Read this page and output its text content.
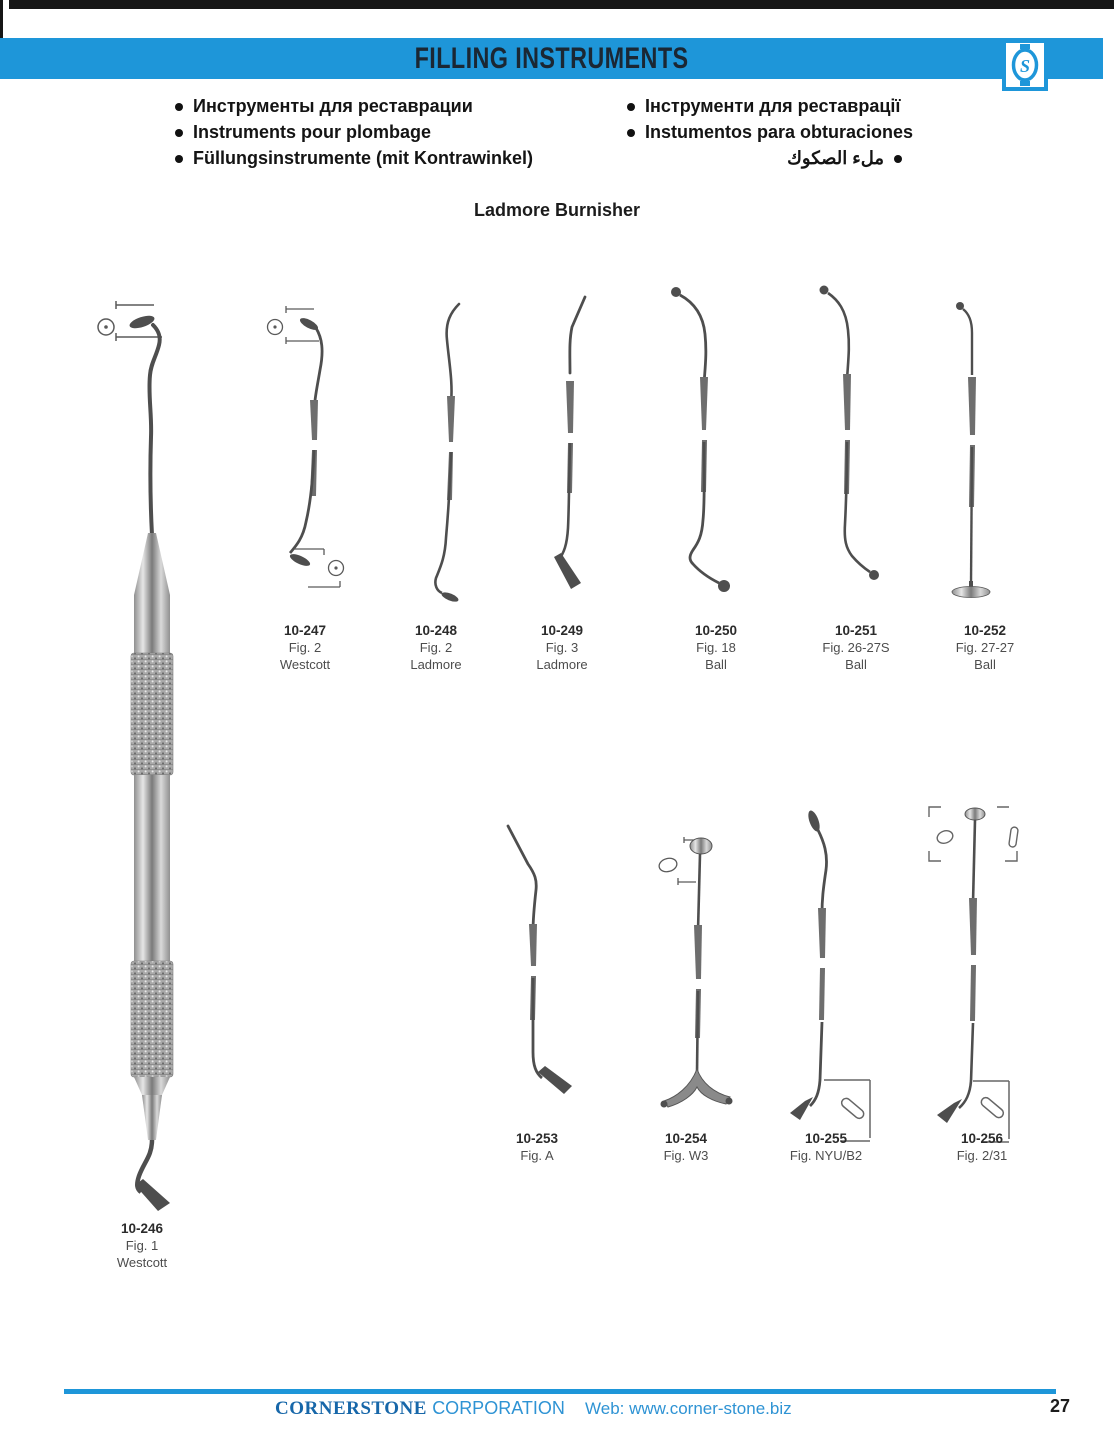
FILLING INSTRUMENTS	S
Инструменты для реставрации
Instruments pour plombage
Füllungsinstrumente (mit Kontrawinkel)
Інструменти для реставрації
Instumentos para obturaciones
ملء الصكوك
Ladmore Burnisher
10-246
Fig. 1
Westcott
10-247
Fig. 2
Westcott
10-248
Fig. 2
Ladmore
10-249
Fig. 3
Ladmore
10-250
Fig. 18
Ball
10-251
Fig. 26-27S
Ball
10-252
Fig. 27-27
Ball
10-253
Fig. A
10-254
Fig. W3
10-255
Fig. NYU/B2
10-256
Fig. 2/31
CORNERSTONE CORPORATION Web: www.corner-stone.biz	27
